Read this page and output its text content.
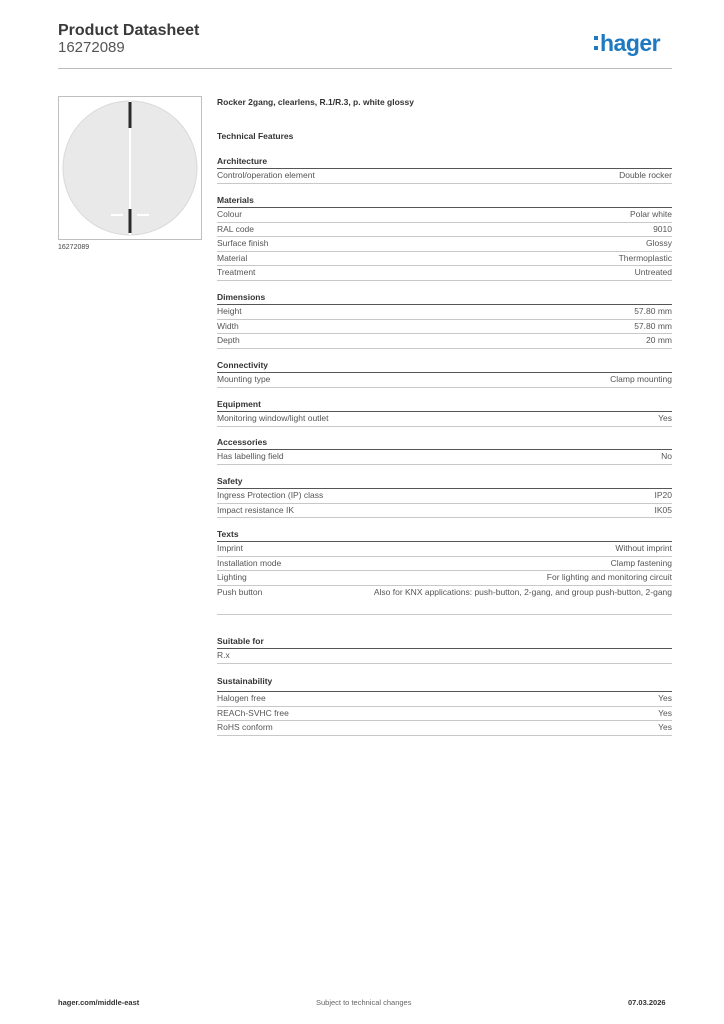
Product Datasheet
16272089	hager
16272089
Rocker 2gang, clearlens, R.1/R.3, p. white glossy
Technical Features
Architecture
Control/operation element	Double rocker
Materials
Colour	Polar white
RAL code	9010
Surface finish	Glossy
Material	Thermoplastic
Treatment	Untreated
Dimensions
Height	57.80 mm
Width	57.80 mm
Depth	20 mm
Connectivity
Mounting type	Clamp mounting
Equipment
Monitoring window/light outlet	Yes
Accessories
Has labelling field	No
Safety
Ingress Protection (IP) class	IP20
Impact resistance IK	IK05
Texts
Imprint	Without imprint
Installation mode	Clamp fastening
Lighting	For lighting and monitoring circuit
Push button	Also for KNX applications: push-button, 2-gang, and group push-button, 2-gang
Suitable for
R.x
Sustainability
Halogen free	Yes
REACh-SVHC free	Yes
RoHS conform	Yes
hager.com/middle-east	Subject to technical changes	07.03.2026
